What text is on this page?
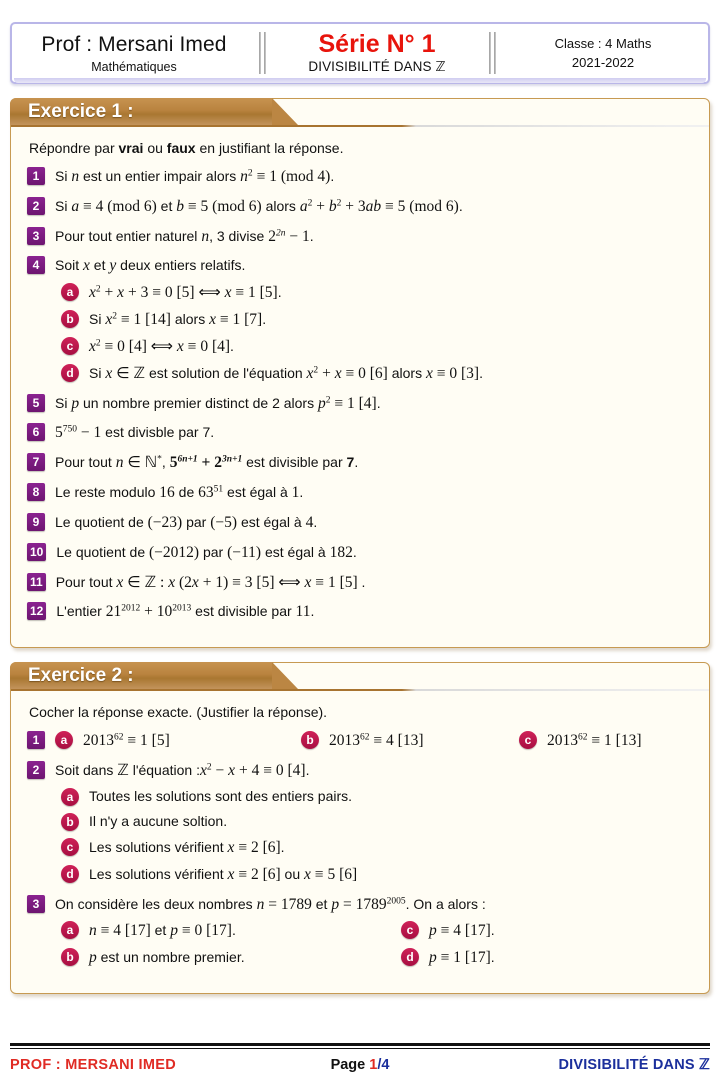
Prof : Mersani Imed
Mathématiques
Série N° 1
DIVISIBILITÉ DANS ℤ
Classe : 4 Maths
2021-2022
Exercice 1 :
Répondre par vrai ou faux en justifiant la réponse.
1	Si n est un entier impair alors $n^2 \equiv 1$ (mod 4).
2	Si a ≡ 4 (mod 6) et b ≡ 5 (mod 6) alors $a^2 + b^2 + 3ab \equiv 5$ (mod 6).
3	Pour tout entier naturel n, 3 divise $2^{2n} - 1$.
4	Soit x et y deux entiers relatifs.
a	$x^2 + x + 3 \equiv 0$ [5] ⟺ x ≡ 1 [5].
b	Si $x^2 \equiv 1$ [14] alors x ≡ 1 [7].
c	$x^2 \equiv 0$ [4] ⟺ x ≡ 0 [4].
d	Si x ∈ ℤ est solution de l'équation $x^2 + x \equiv 0$ [6] alors x ≡ 0 [3].
5	Si p un nombre premier distinct de 2 alors $p^2 \equiv 1$ [4].
6	$5^{750} - 1$ est divisble par 7.
7	Pour tout n ∈ ℕ*, $5^{6n+1} + 2^{3n+1}$ est divisible par 7.
8	Le reste modulo 16 de $63^{51}$ est égal à 1.
9	Le quotient de (−23) par (−5) est égal à 4.
10 Le quotient de (−2012) par (−11) est égal à 182.
11 Pour tout x ∈ ℤ : x (2x + 1) ≡ 3 [5] ⟺ x ≡ 1 [5] .
12 L'entier $21^{2012} + 10^{2013}$ est divisible par 11.
Exercice 2 :
Cocher la réponse exacte. (Justifier la réponse).
1	a	$2013^{62} \equiv 1$ [5]	b $2013^{62} \equiv 4$ [13]	c	$2013^{62} \equiv 1$ [13]
2	Soit dans ℤ l'équation $:x^2 - x + 4 \equiv 0$ [4].
a	Toutes les solutions sont des entiers pairs.
b	Il n'y a aucune soltion.
c	Les solutions vérifient x ≡ 2 [6].
d	Les solutions vérifient x ≡ 2 [6] ou x ≡ 5 [6]
3	On considère les deux nombres n = 1789 et $p = 1789^{2005}$. On a alors :
a	n ≡ 4 [17] et p ≡ 0 [17].	c	p ≡ 4 [17].
b p est un nombre premier.	d p ≡ 1 [17].
PROF : MERSANI IMED	Page 1/4	DIVISIBILITÉ DANS ℤ
